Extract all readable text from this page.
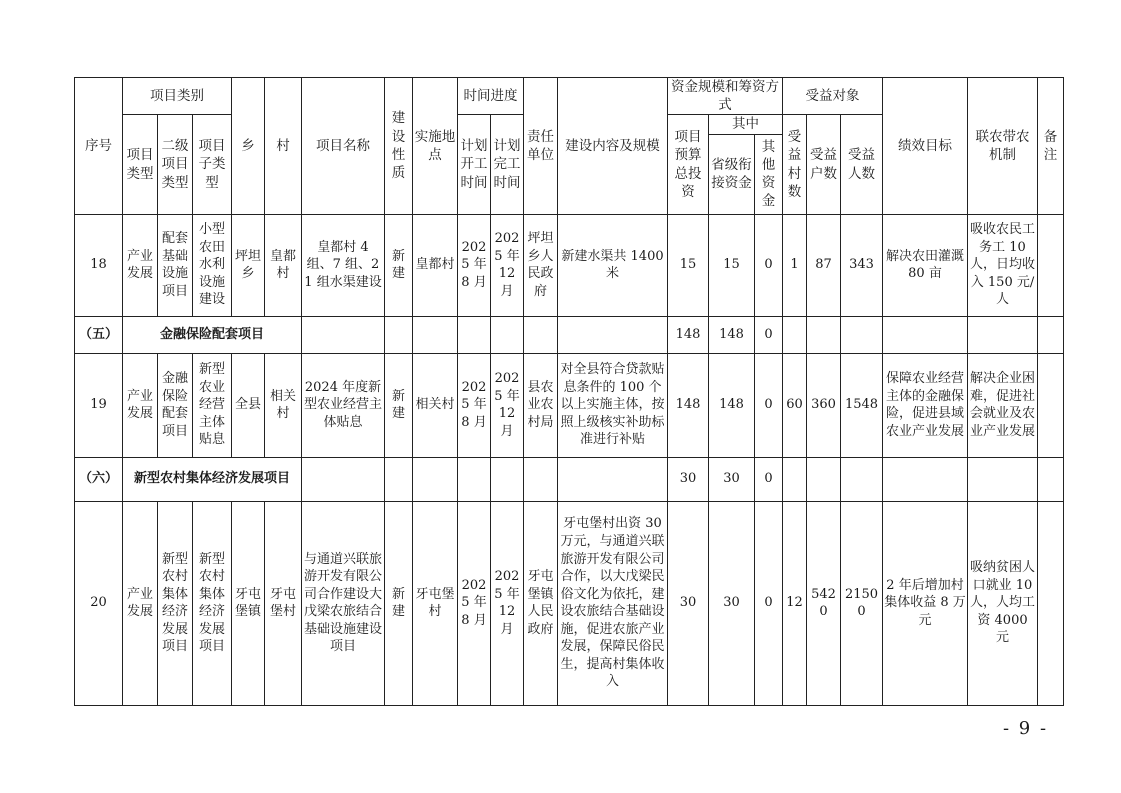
序号	项目类别			乡	村	项目名称	建设性质	实施地点	时间进度		责任单位	建设内容及规模	资金规模和筹资方式			受益对象			绩效目标	联农带农机制	备注
	项目类型	二级项目类型	项目子类型						计划开工时间	计划完工时间			项目预算总投资	其中		受益村数	受益户数	受益人数			
														省级衔接资金	其他资金						
18	产业发展	配套基础设施项目	小型农田水利设施建设	坪坦乡	皇都村	皇都村 4 组、7 组、21 组水渠建设	新建	皇都村	2025 年 8 月	2025 年 12 月	坪坦乡人民政府	新建水渠共 1400 米	15	15	0	1	87	343	解决农田灌溉 80 亩	吸收农民工务工 10 人，日均收入 150 元/人	
（五）	金融保险配套项目												148	148	0						
19	产业发展	金融保险配套项目	新型农业经营主体贴息	全县	相关村	2024 年度新型农业经营主体贴息	新建	相关村	2025 年 8 月	2025 年 12 月	县农业农村局	对全县符合贷款贴息条件的 100 个以上实施主体，按照上级核实补助标准进行补贴	148	148	0	60	360	1548	保障农业经营主体的金融保险，促进县域农业产业发展	解决企业困难，促进社会就业及农业产业发展	
（六）	新型农村集体经济发展项目												30	30	0						
20	产业发展	新型农村集体经济发展项目	新型农村集体经济发展项目	牙屯堡镇	牙屯堡村	与通道兴联旅游开发有限公司合作建设大戊梁农旅结合基础设施建设项目	新建	牙屯堡村	2025 年 8 月	2025 年 12 月	牙屯堡镇人民政府	牙屯堡村出资 30 万元，与通道兴联旅游开发有限公司合作，以大戊梁民俗文化为依托，建设农旅结合基础设施，促进农旅产业发展，保障民俗民生，提高村集体收入	30	30	0	12	5420	21500	2 年后增加村集体收益 8 万元	吸纳贫困人口就业 10 人，人均工资 4000 元	
- 9 -
